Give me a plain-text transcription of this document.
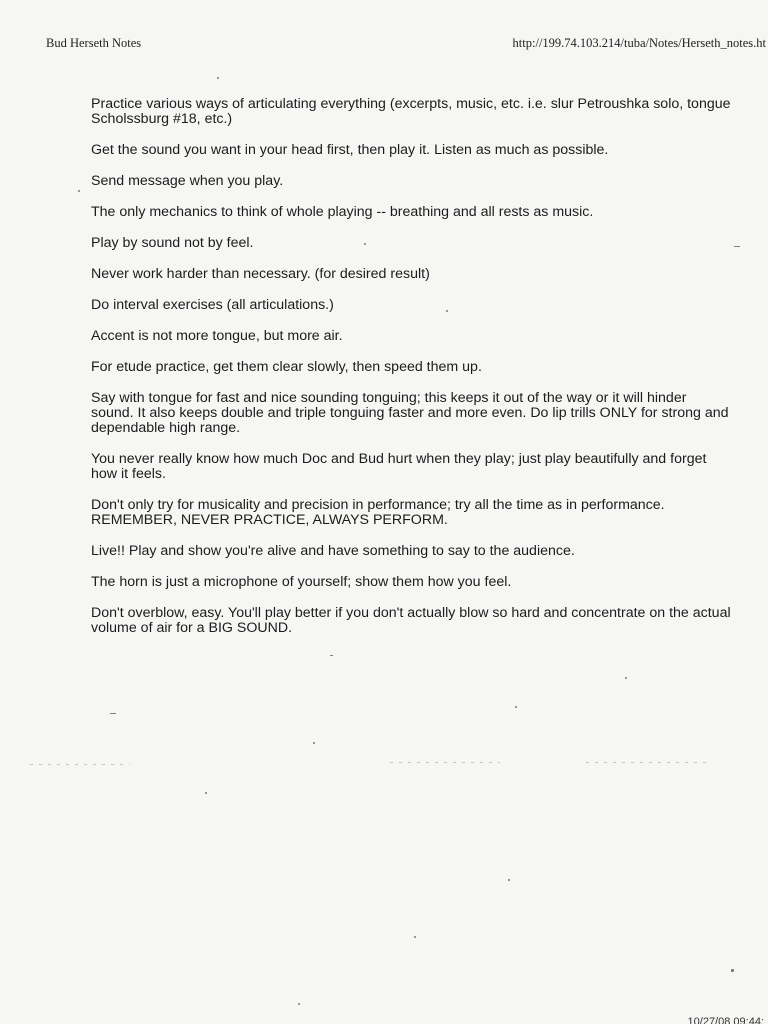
Bud Herseth Notes	http://199.74.103.214/tuba/Notes/Herseth_notes.ht
Practice various ways of articulating everything (excerpts, music, etc. i.e. slur Petroushka solo, tongue Scholssburg #18, etc.)
Get the sound you want in your head first, then play it. Listen as much as possible.
Send message when you play.
The only mechanics to think of whole playing -- breathing and all rests as music.
Play by sound not by feel.
Never work harder than necessary. (for desired result)
Do interval exercises (all articulations.)
Accent is not more tongue, but more air.
For etude practice, get them clear slowly, then speed them up.
Say with tongue for fast and nice sounding tonguing; this keeps it out of the way or it will hinder sound. It also keeps double and triple tonguing faster and more even. Do lip trills ONLY for strong and dependable high range.
You never really know how much Doc and Bud hurt when they play; just play beautifully and forget how it feels.
Don't only try for musicality and precision in performance; try all the time as in performance. REMEMBER, NEVER PRACTICE, ALWAYS PERFORM.
Live!! Play and show you're alive and have something to say to the audience.
The horn is just a microphone of yourself; show them how you feel.
Don't overblow, easy. You'll play better if you don't actually blow so hard and concentrate on the actual volume of air for a BIG SOUND.
10/27/08 09:44:
